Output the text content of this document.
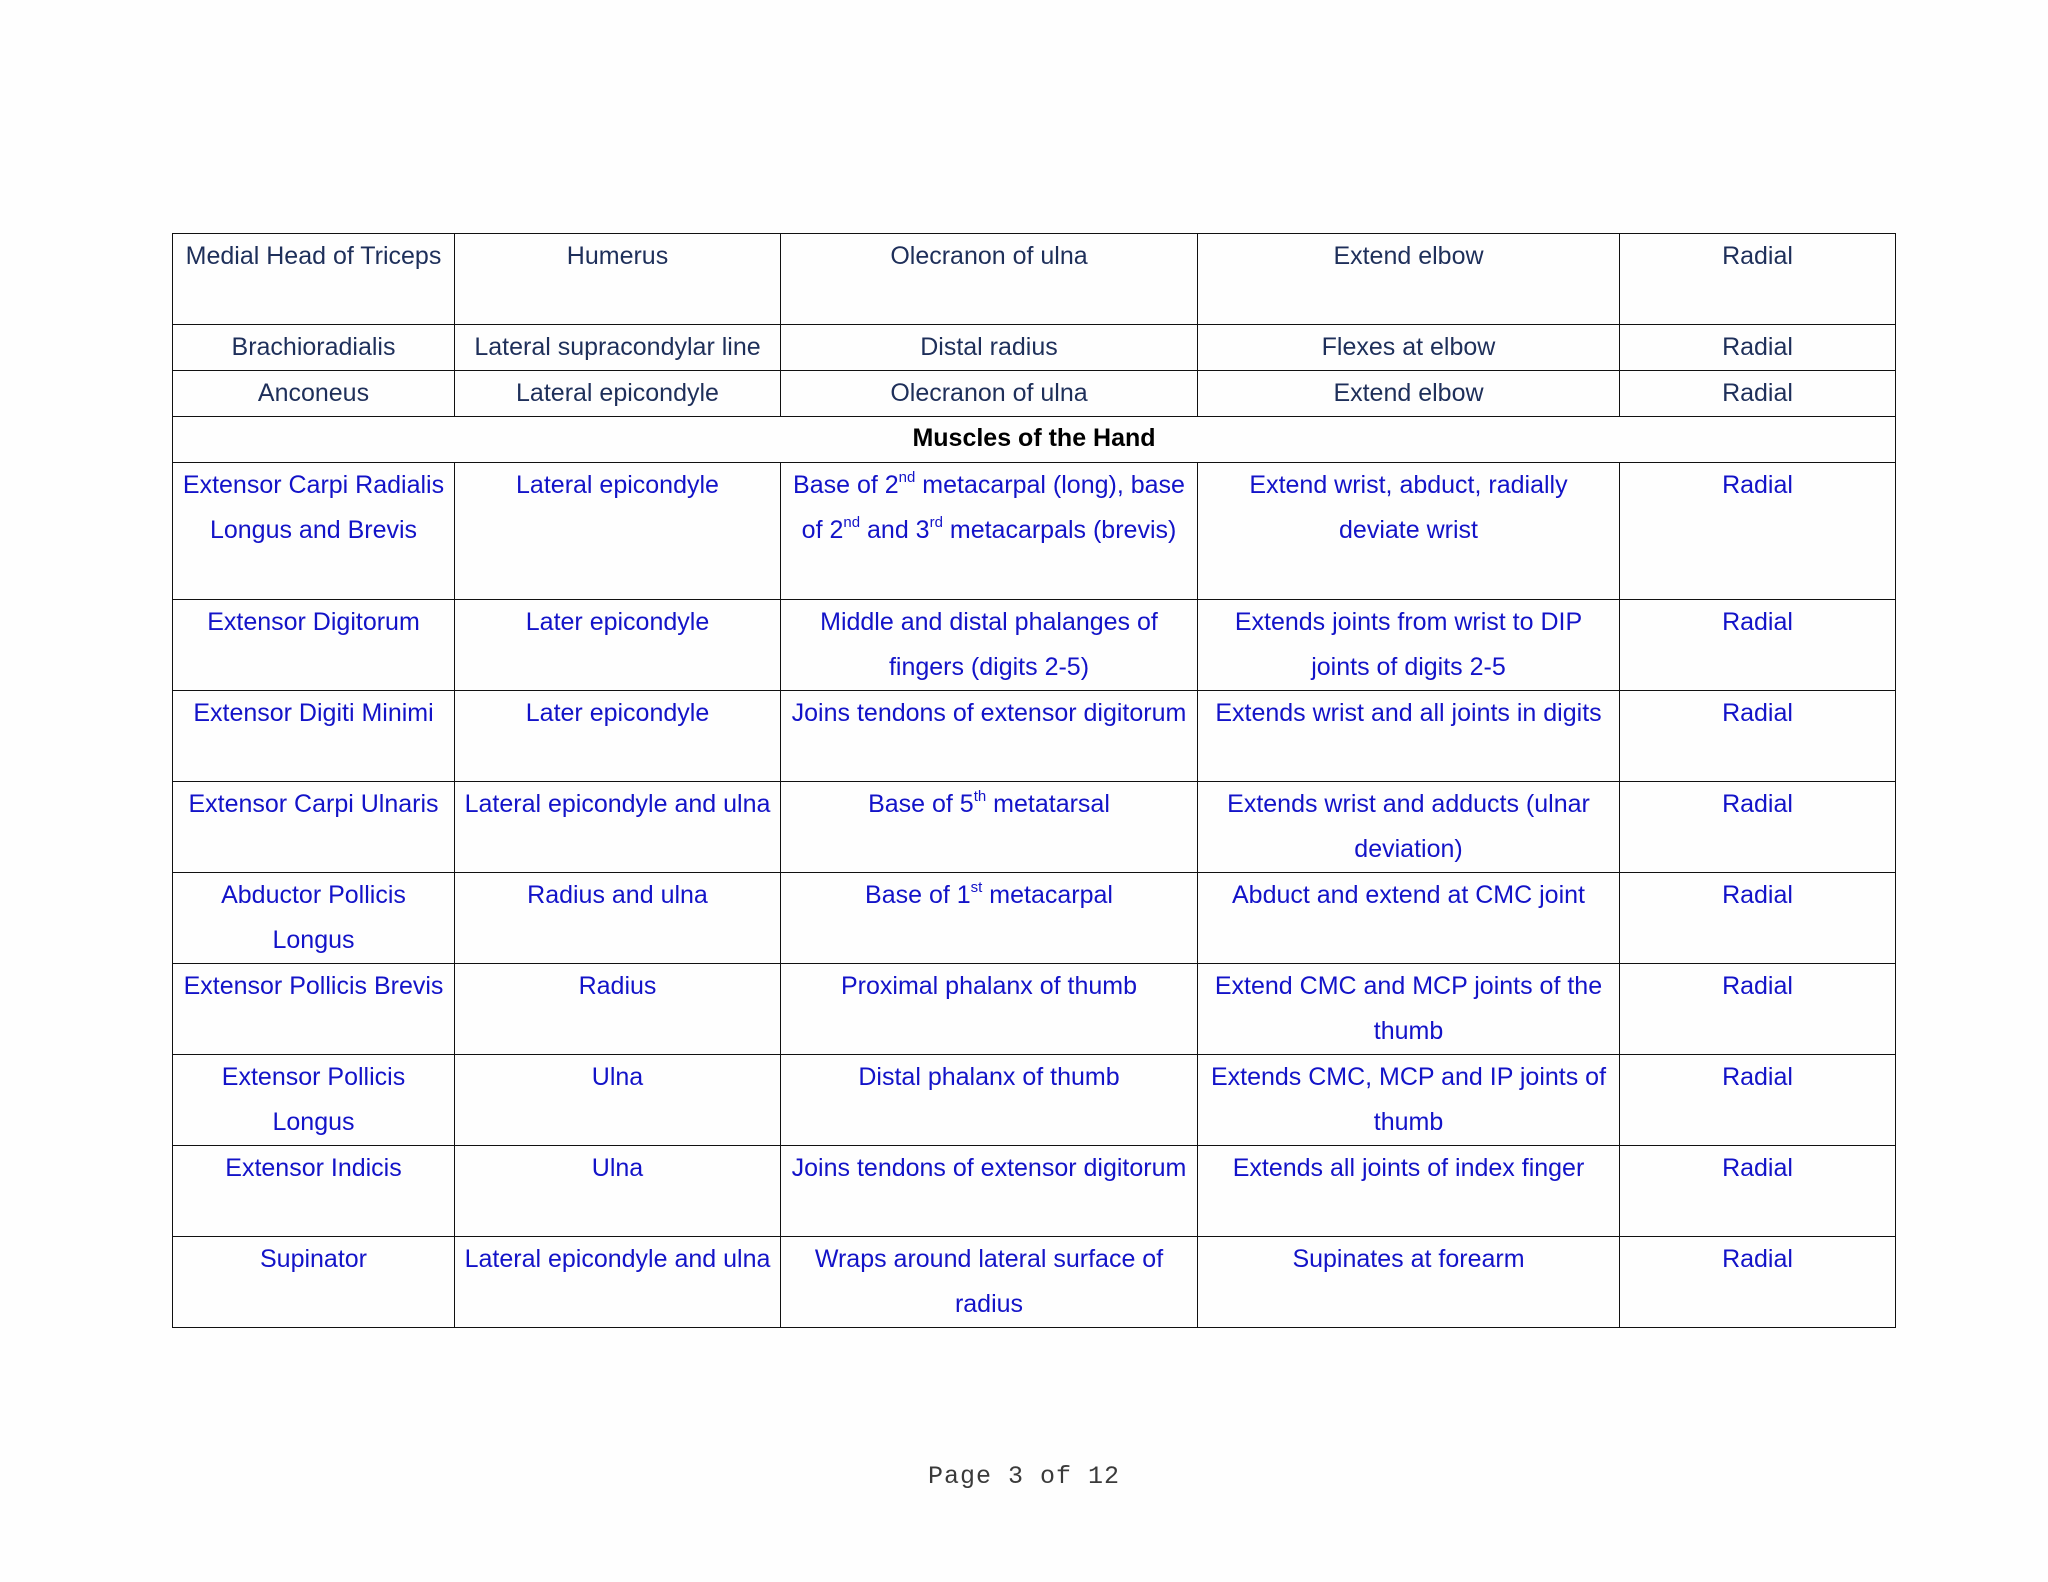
Medial Head of Triceps	Humerus	Olecranon of ulna	Extend elbow	Radial
Brachioradialis	Lateral supracondylar line	Distal radius	Flexes at elbow	Radial
Anconeus	Lateral epicondyle	Olecranon of ulna	Extend elbow	Radial
Muscles of the Hand				
Extensor Carpi Radialis Longus and Brevis	Lateral epicondyle	Base of 2nd metacarpal (long), base of 2nd and 3rd metacarpals (brevis)	Extend wrist, abduct, radially deviate wrist	Radial
Extensor Digitorum	Later epicondyle	Middle and distal phalanges of fingers (digits 2-5)	Extends joints from wrist to DIP joints of digits 2-5	Radial
Extensor Digiti Minimi	Later epicondyle	Joins tendons of extensor digitorum	Extends wrist and all joints in digits	Radial
Extensor Carpi Ulnaris	Lateral epicondyle and ulna	Base of 5th metatarsal	Extends wrist and adducts (ulnar deviation)	Radial
Abductor Pollicis Longus	Radius and ulna	Base of 1st metacarpal	Abduct and extend at CMC joint	Radial
Extensor Pollicis Brevis	Radius	Proximal phalanx of thumb	Extend CMC and MCP joints of the thumb	Radial
Extensor Pollicis Longus	Ulna	Distal phalanx of thumb	Extends CMC, MCP and IP joints of thumb	Radial
Extensor Indicis	Ulna	Joins tendons of extensor digitorum	Extends all joints of index finger	Radial
Supinator	Lateral epicondyle and ulna	Wraps around lateral surface of radius	Supinates at forearm	Radial
Page 3 of 12
